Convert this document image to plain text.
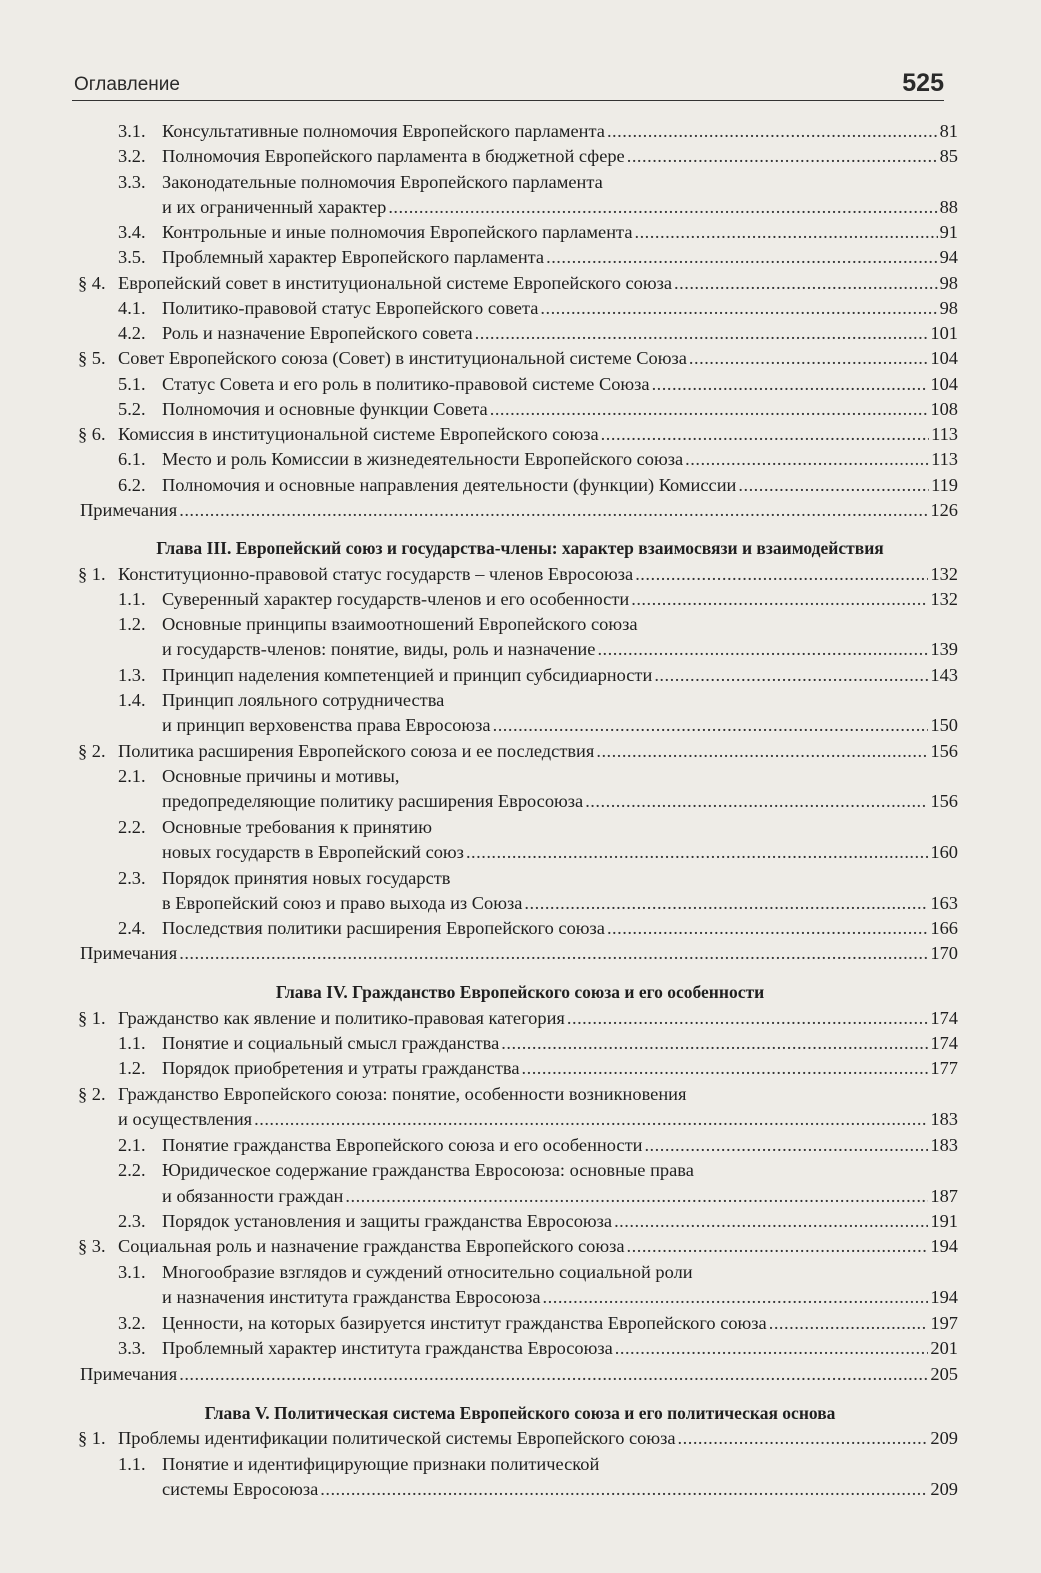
Оглавление	525
3.1. Консультативные полномочия Европейского парламента .....	81
3.2. Полномочия Европейского парламента в бюджетной сфере .....	85
3.3. Законодательные полномочия Европейского парламента
и их ограниченный характер .....	88
3.4. Контрольные и иные полномочия Европейского парламента .....	91
3.5. Проблемный характер Европейского парламента .....	94
§ 4. Европейский совет в институциональной системе Европейского союза .....	98
4.1. Политико-правовой статус Европейского совета .....	98
4.2. Роль и назначение Европейского совета .....	101
§ 5. Совет Европейского союза (Совет) в институциональной системе Союза .....	104
5.1. Статус Совета и его роль в политико-правовой системе Союза .....	104
5.2. Полномочия и основные функции Совета .....	108
§ 6. Комиссия в институциональной системе Европейского союза .....	113
6.1. Место и роль Комиссии в жизнедеятельности Европейского союза .....	113
6.2. Полномочия и основные направления деятельности (функции) Комиссии .....	119
Примечания .....	126
Глава III. Европейский союз и государства-члены: характер взаимосвязи и взаимодействия
§ 1. Конституционно-правовой статус государств – членов Евросоюза .....	132
1.1. Суверенный характер государств-членов и его особенности .....	132
1.2. Основные принципы взаимоотношений Европейского союза
и государств-членов: понятие, виды, роль и назначение .....	139
1.3. Принцип наделения компетенцией и принцип субсидиарности .....	143
1.4. Принцип лояльного сотрудничества
и принцип верховенства права Евросоюза .....	150
§ 2. Политика расширения Европейского союза и ее последствия .....	156
2.1. Основные причины и мотивы,
предопределяющие политику расширения Евросоюза .....	156
2.2. Основные требования к принятию
новых государств в Европейский союз .....	160
2.3. Порядок принятия новых государств
в Европейский союз и право выхода из Союза .....	163
2.4. Последствия политики расширения Европейского союза .....	166
Примечания .....	170
Глава IV. Гражданство Европейского союза и его особенности
§ 1. Гражданство как явление и политико-правовая категория .....	174
1.1. Понятие и социальный смысл гражданства .....	174
1.2. Порядок приобретения и утраты гражданства .....	177
§ 2. Гражданство Европейского союза: понятие, особенности возникновения
и осуществления .....	183
2.1. Понятие гражданства Европейского союза и его особенности .....	183
2.2. Юридическое содержание гражданства Евросоюза: основные права
и обязанности граждан .....	187
2.3. Порядок установления и защиты гражданства Евросоюза .....	191
§ 3. Социальная роль и назначение гражданства Европейского союза .....	194
3.1. Многообразие взглядов и суждений относительно социальной роли
и назначения института гражданства Евросоюза .....	194
3.2. Ценности, на которых базируется институт гражданства Европейского союза .....	197
3.3. Проблемный характер института гражданства Евросоюза .....	201
Примечания .....	205
Глава V. Политическая система Европейского союза и его политическая основа
§ 1. Проблемы идентификации политической системы Европейского союза .....	209
1.1. Понятие и идентифицирующие признаки политической
системы Евросоюза .....	209
